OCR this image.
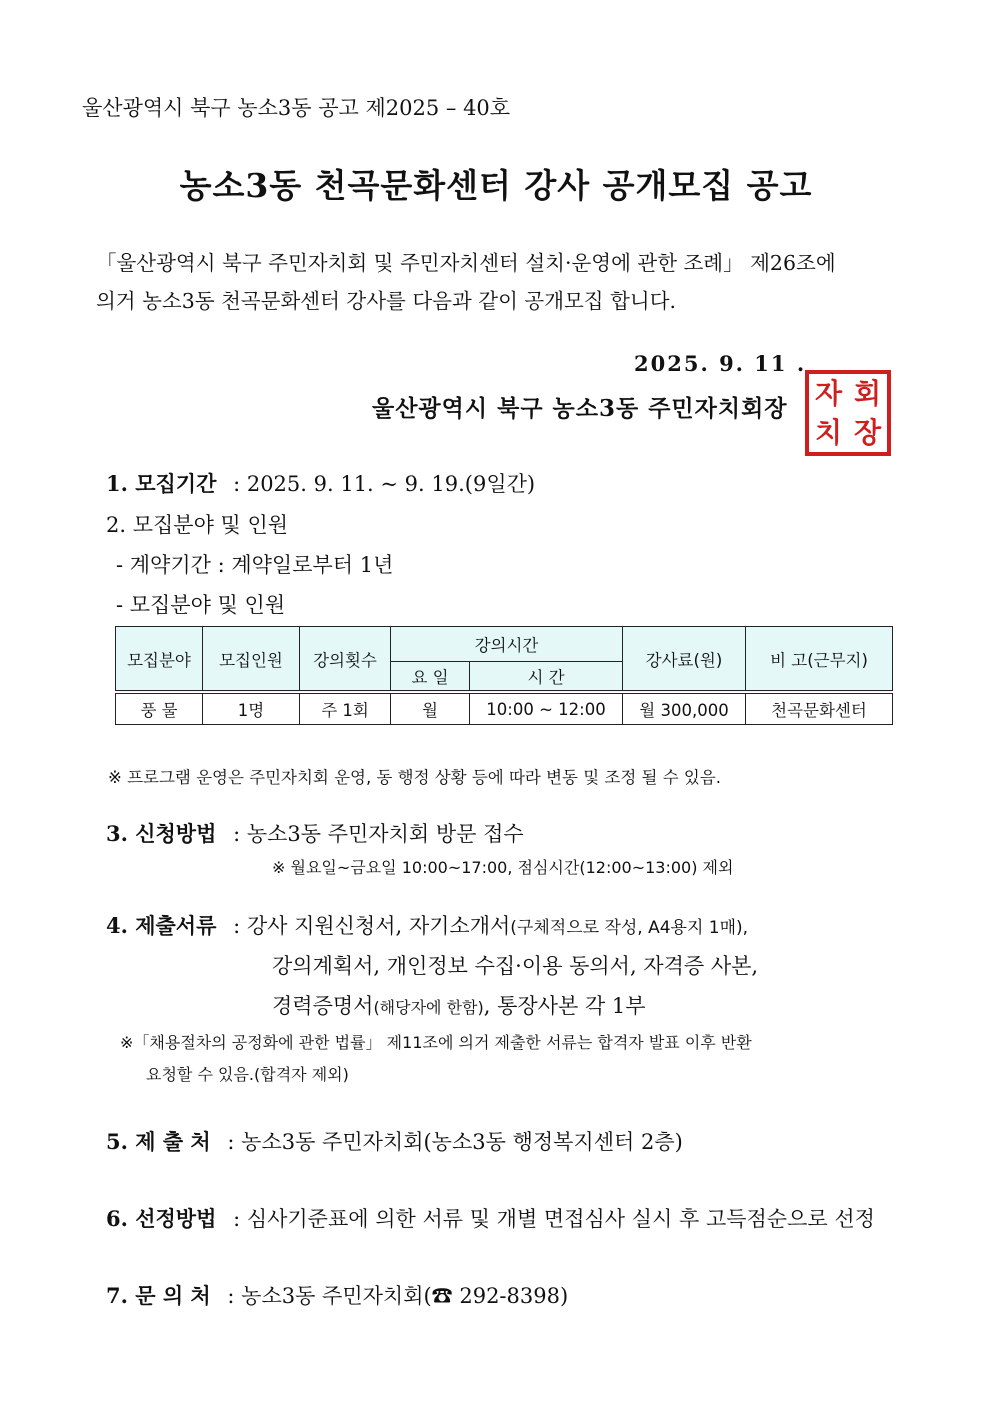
울산광역시 북구 농소3동 공고 제2025 – 40호
농소3동 천곡문화센터 강사 공개모집 공고
「울산광역시 북구 주민자치회 및 주민자치센터 설치·운영에 관한 조례」 제26조에
의거 농소3동 천곡문화센터 강사를 다음과 같이 공개모집 합니다.
2025. 9. 11 .
울산광역시 북구 농소3동 주민자치회장 자 회
치 장
1. 모집기간 : 2025. 9. 11. ~ 9. 19.(9일간)
2. 모집분야 및 인원
- 계약기간 : 계약일로부터 1년
- 모집분야 및 인원
모집분야	모집인원	강의횟수	강의시간		강사료(원)	비 고(근무지)
			요 일	시 간		
풍 물	1명	주 1회	월	10:00 ~ 12:00	월 300,000	천곡문화센터
※ 프로그램 운영은 주민자치회 운영, 동 행정 상황 등에 따라 변동 및 조정 될 수 있음.
3. 신청방법 : 농소3동 주민자치회 방문 접수
※ 월요일~금요일 10:00~17:00, 점심시간(12:00~13:00) 제외
4. 제출서류 : 강사 지원신청서, 자기소개서(구체적으로 작성, A4용지 1매),
강의계획서, 개인정보 수집·이용 동의서, 자격증 사본,
경력증명서(해당자에 한함), 통장사본 각 1부
※「채용절차의 공정화에 관한 법률」 제11조에 의거 제출한 서류는 합격자 발표 이후 반환
요청할 수 있음.(합격자 제외)
5. 제 출 처 : 농소3동 주민자치회(농소3동 행정복지센터 2층)
6. 선정방법 : 심사기준표에 의한 서류 및 개별 면접심사 실시 후 고득점순으로 선정
7. 문 의 처 : 농소3동 주민자치회(☎ 292-8398)
